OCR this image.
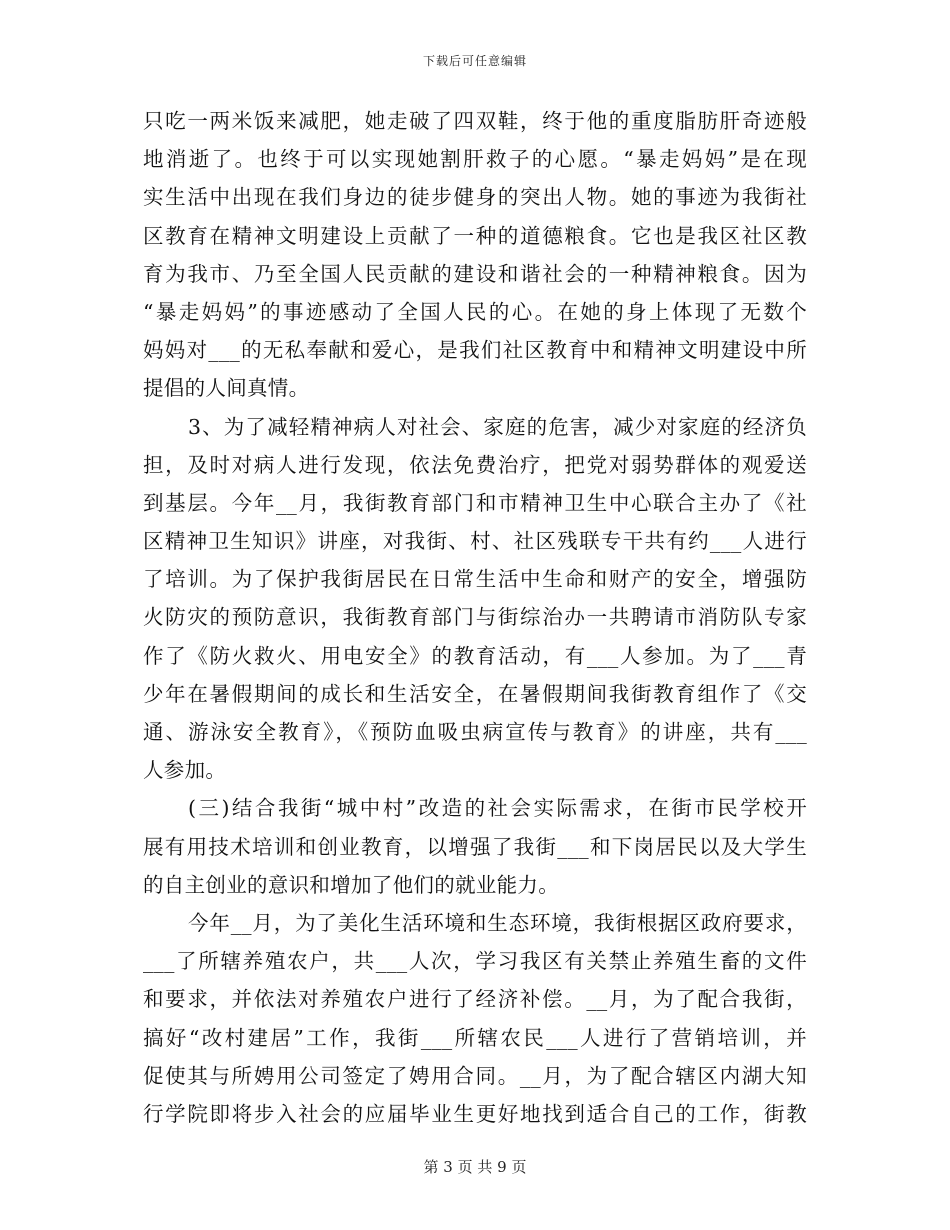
下载后可任意编辑
只吃一两米饭来减肥，她走破了四双鞋，终于他的重度脂肪肝奇迹般
地消逝了。也终于可以实现她割肝救子的心愿。“暴走妈妈”是在现
实生活中出现在我们身边的徒步健身的突出人物。她的事迹为我街社
区教育在精神文明建设上贡献了一种的道德粮食。它也是我区社区教
育为我市、乃至全国人民贡献的建设和谐社会的一种精神粮食。因为
“暴走妈妈”的事迹感动了全国人民的心。在她的身上体现了无数个
妈妈对___的无私奉献和爱心，是我们社区教育中和精神文明建设中所
提倡的人间真情。
3、为了减轻精神病人对社会、家庭的危害，减少对家庭的经济负
担，及时对病人进行发现，依法免费治疗，把党对弱势群体的观爱送
到基层。今年__月，我街教育部门和市精神卫生中心联合主办了《社
区精神卫生知识》讲座，对我街、村、社区残联专干共有约___人进行
了培训。为了保护我街居民在日常生活中生命和财产的安全，增强防
火防灾的预防意识，我街教育部门与街综治办一共聘请市消防队专家
作了《防火救火、用电安全》的教育活动，有___人参加。为了___青
少年在暑假期间的成长和生活安全，在暑假期间我街教育组作了《交
通、游泳安全教育》，《预防血吸虫病宣传与教育》的讲座，共有___
人参加。
(三)结合我街“城中村”改造的社会实际需求，在街市民学校开
展有用技术培训和创业教育，以增强了我街___和下岗居民以及大学生
的自主创业的意识和增加了他们的就业能力。
今年__月，为了美化生活环境和生态环境，我街根据区政府要求，
___了所辖养殖农户，共___人次，学习我区有关禁止养殖生畜的文件
和要求，并依法对养殖农户进行了经济补偿。__月，为了配合我街，
搞好“改村建居”工作，我街___所辖农民___人进行了营销培训，并
促使其与所娉用公司签定了娉用合同。__月，为了配合辖区内湖大知
行学院即将步入社会的应届毕业生更好地找到适合自己的工作，街教
第 3 页 共 9 页
